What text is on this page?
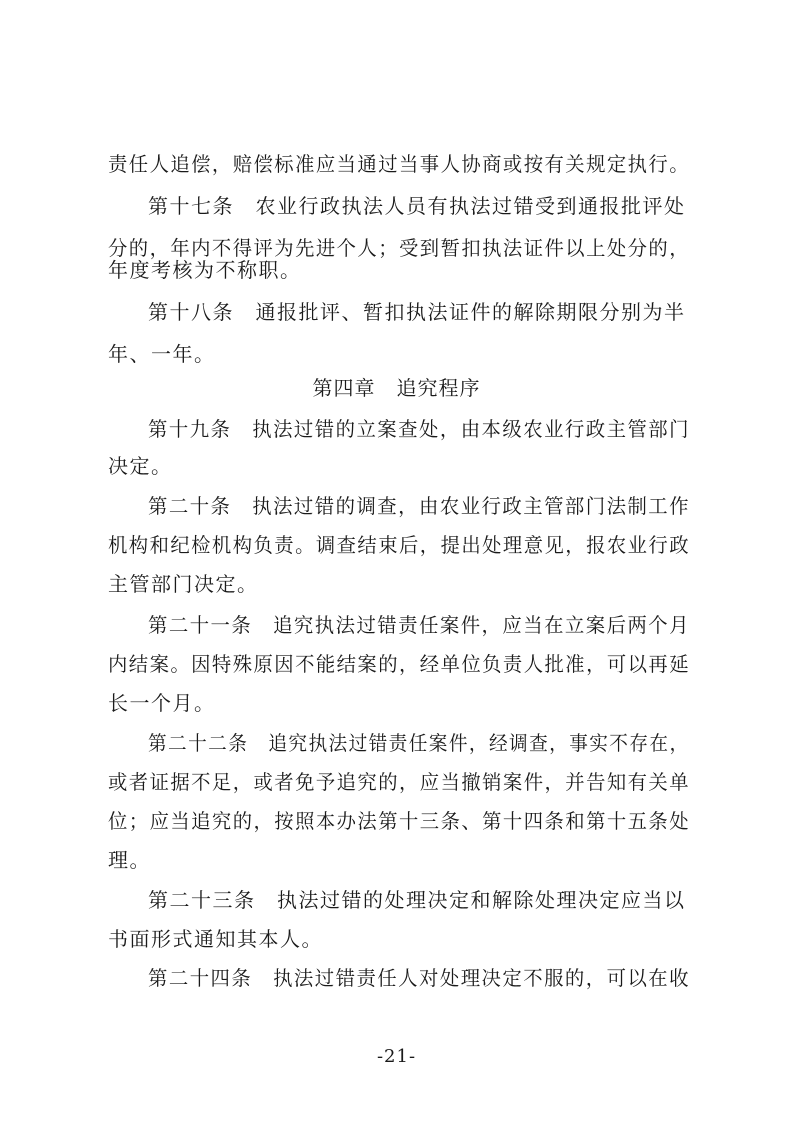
责任人追偿，赔偿标准应当通过当事人协商或按有关规定执行。
第十七条　农业行政执法人员有执法过错受到通报批评处
分的，年内不得评为先进个人；受到暂扣执法证件以上处分的，
年度考核为不称职。
第十八条　通报批评、暂扣执法证件的解除期限分别为半
年、一年。
第四章　追究程序
第十九条　执法过错的立案查处，由本级农业行政主管部门
决定。
第二十条　执法过错的调查，由农业行政主管部门法制工作
机构和纪检机构负责。调查结束后，提出处理意见，报农业行政
主管部门决定。
第二十一条　追究执法过错责任案件，应当在立案后两个月
内结案。因特殊原因不能结案的，经单位负责人批准，可以再延
长一个月。
第二十二条　追究执法过错责任案件，经调查，事实不存在，
或者证据不足，或者免予追究的，应当撤销案件，并告知有关单
位；应当追究的，按照本办法第十三条、第十四条和第十五条处
理。
第二十三条　执法过错的处理决定和解除处理决定应当以
书面形式通知其本人。
第二十四条　执法过错责任人对处理决定不服的，可以在收
-21-
